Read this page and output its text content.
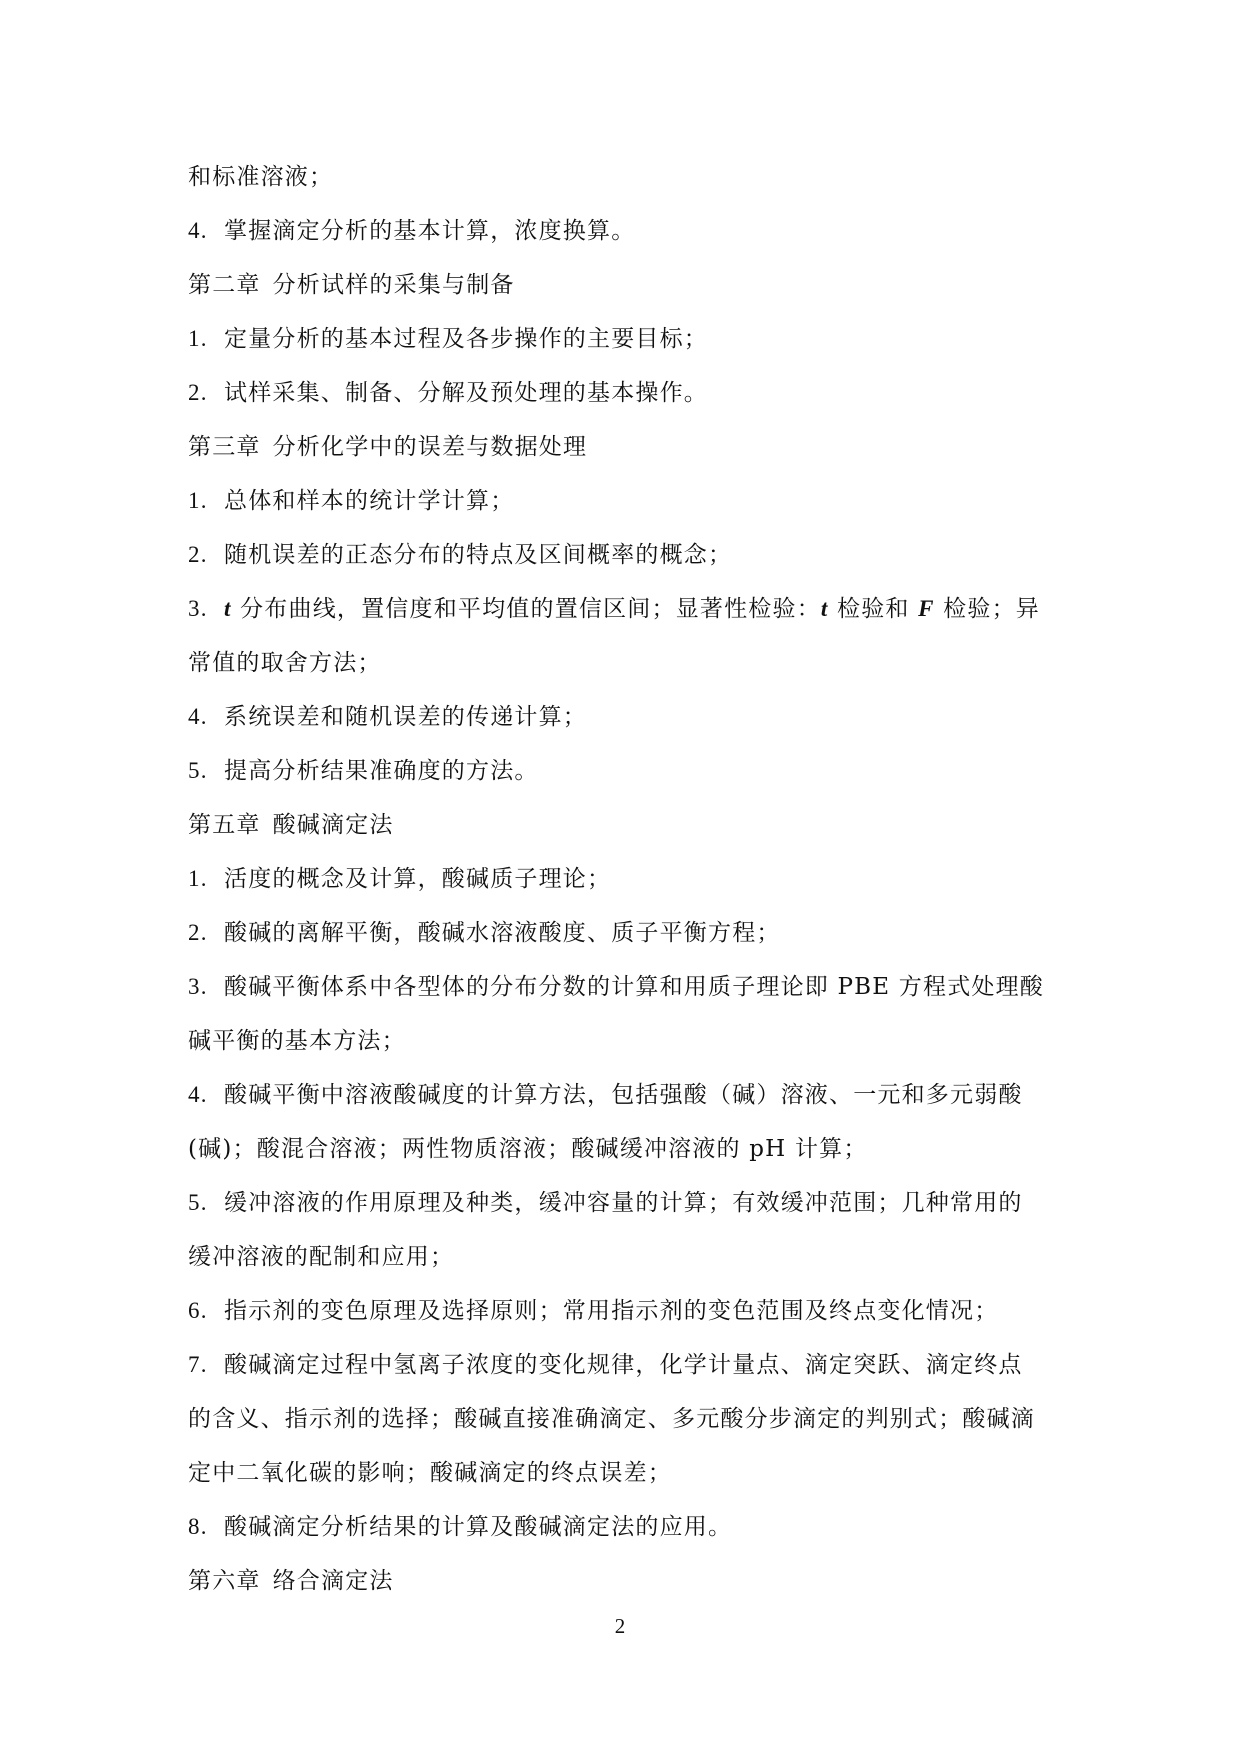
和标准溶液；
4. 掌握滴定分析的基本计算，浓度换算。
第二章 分析试样的采集与制备
1. 定量分析的基本过程及各步操作的主要目标；
2. 试样采集、制备、分解及预处理的基本操作。
第三章 分析化学中的误差与数据处理
1. 总体和样本的统计学计算；
2. 随机误差的正态分布的特点及区间概率的概念；
3. t 分布曲线，置信度和平均值的置信区间；显著性检验：t 检验和 F 检验；异
常值的取舍方法；
4. 系统误差和随机误差的传递计算；
5. 提高分析结果准确度的方法。
第五章 酸碱滴定法
1. 活度的概念及计算，酸碱质子理论；
2. 酸碱的离解平衡，酸碱水溶液酸度、质子平衡方程；
3. 酸碱平衡体系中各型体的分布分数的计算和用质子理论即 PBE 方程式处理酸
碱平衡的基本方法；
4. 酸碱平衡中溶液酸碱度的计算方法，包括强酸（碱）溶液、一元和多元弱酸
(碱)；酸混合溶液；两性物质溶液；酸碱缓冲溶液的 pH 计算；
5. 缓冲溶液的作用原理及种类，缓冲容量的计算；有效缓冲范围；几种常用的
缓冲溶液的配制和应用；
6. 指示剂的变色原理及选择原则；常用指示剂的变色范围及终点变化情况；
7. 酸碱滴定过程中氢离子浓度的变化规律，化学计量点、滴定突跃、滴定终点
的含义、指示剂的选择；酸碱直接准确滴定、多元酸分步滴定的判别式；酸碱滴
定中二氧化碳的影响；酸碱滴定的终点误差；
8. 酸碱滴定分析结果的计算及酸碱滴定法的应用。
第六章 络合滴定法
2
